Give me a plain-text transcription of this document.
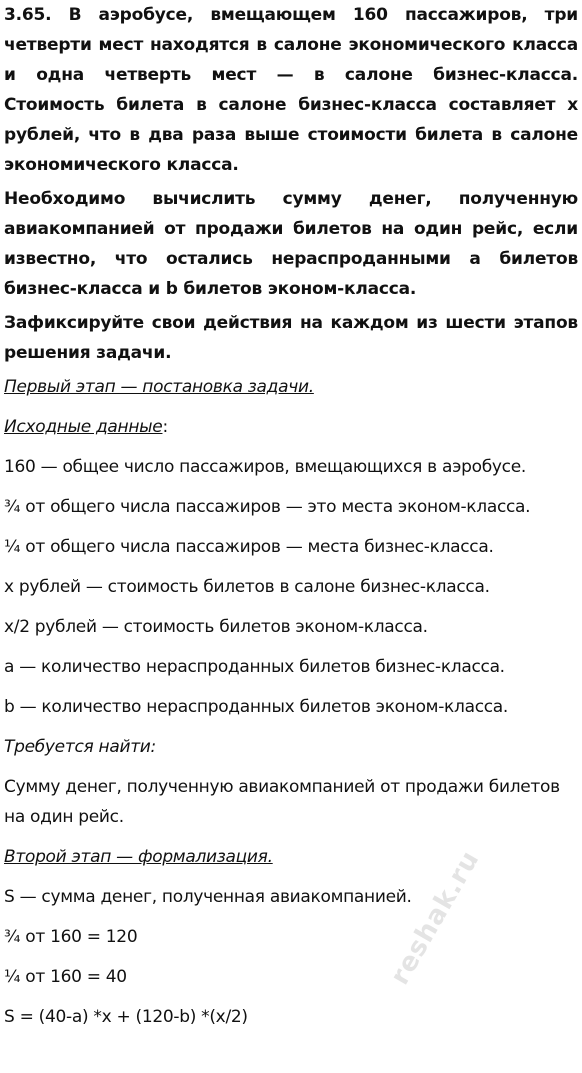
3.65. В аэробусе, вмещающем 160 пассажиров, три четверти мест находятся в салоне экономического класса и одна четверть мест — в салоне бизнес-класса. Стоимость билета в салоне бизнес-класса составляет х рублей, что в два раза выше стоимости билета в салоне экономического класса.

Необходимо вычислить сумму денег, полученную авиакомпанией от продажи билетов на один рейс, если известно, что остались нераспроданными а билетов бизнес-класса и b билетов эконом-класса.

Зафиксируйте свои действия на каждом из шести этапов решения задачи.

Первый этап — постановка задачи.

Исходные данные:

160 — общее число пассажиров, вмещающихся в аэробусе.

¾ от общего числа пассажиров — это места эконом-класса.

¼ от общего числа пассажиров — места бизнес-класса.

х рублей — стоимость билетов в салоне бизнес-класса.

х/2 рублей — стоимость билетов эконом-класса.

а — количество нераспроданных билетов бизнес-класса.

b — количество нераспроданных билетов эконом-класса.

Требуется найти:

Сумму денег, полученную авиакомпанией от продажи билетов на один рейс.

Второй этап — формализация.

S — сумма денег, полученная авиакомпанией.

¾ от 160 = 120

¼ от 160 = 40

S = (40-a) *x + (120-b) *(x/2)

reshak.ru
